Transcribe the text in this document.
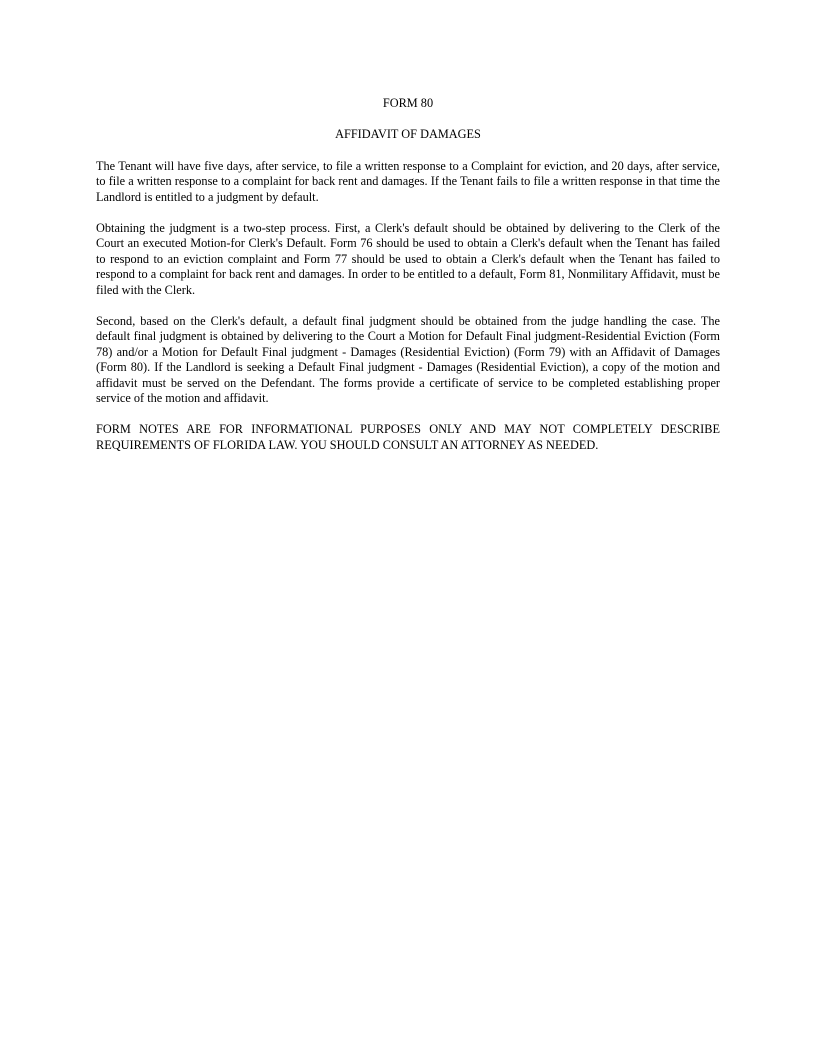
FORM 80

AFFIDAVIT OF DAMAGES

The Tenant will have five days, after service, to file a written response to a Complaint for eviction, and 20 days, after service, to file a written response to a complaint for back rent and damages. If the Tenant fails to file a written response in that time the Landlord is entitled to a judgment by default.

Obtaining the judgment is a two-step process. First, a Clerk's default should be obtained by delivering to the Clerk of the Court an executed Motion-for Clerk's Default. Form 76 should be used to obtain a Clerk's default when the Tenant has failed to respond to an eviction complaint and Form 77 should be used to obtain a Clerk's default when the Tenant has failed to respond to a complaint for back rent and damages. In order to be entitled to a default, Form 81, Nonmilitary Affidavit, must be filed with the Clerk.

Second, based on the Clerk's default, a default final judgment should be obtained from the judge handling the case. The default final judgment is obtained by delivering to the Court a Motion for Default Final judgment-Residential Eviction (Form 78) and/or a Motion for Default Final judgment - Damages (Residential Eviction) (Form 79) with an Affidavit of Damages (Form 80). If the Landlord is seeking a Default Final judgment - Damages (Residential Eviction), a copy of the motion and affidavit must be served on the Defendant. The forms provide a certificate of service to be completed establishing proper service of the motion and affidavit.

FORM NOTES ARE FOR INFORMATIONAL PURPOSES ONLY AND MAY NOT COMPLETELY DESCRIBE REQUIREMENTS OF FLORIDA LAW. YOU SHOULD CONSULT AN ATTORNEY AS NEEDED.
